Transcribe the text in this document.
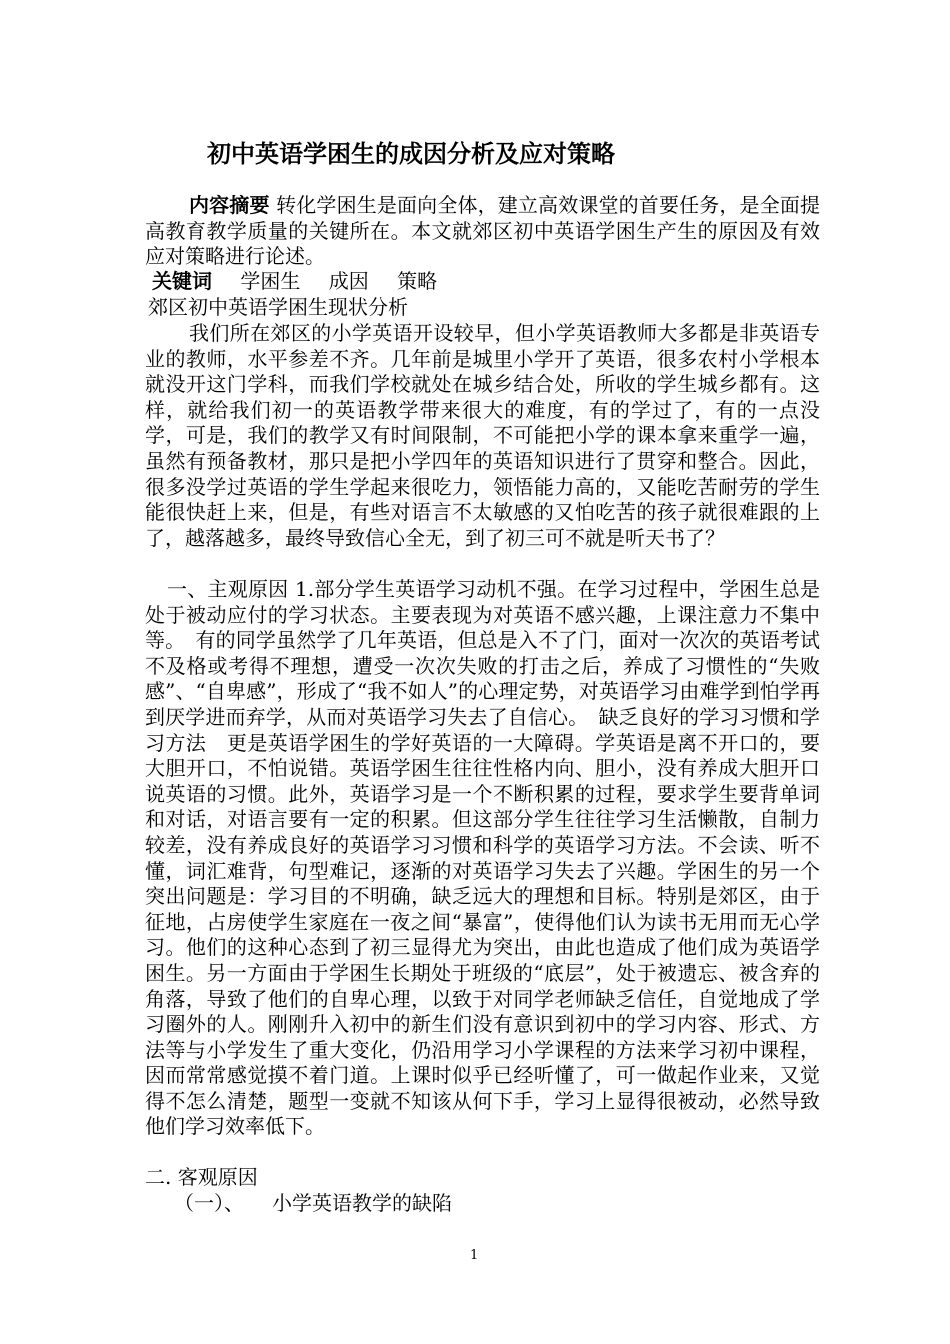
初中英语学困生的成因分析及应对策略
内容摘要 转化学困生是面向全体，建立高效课堂的首要任务，是全面提高教育教学质量的关键所在。本文就郊区初中英语学困生产生的原因及有效应对策略进行论述。
关键词 学困生 成因 策略
郊区初中英语学困生现状分析
我们所在郊区的小学英语开设较早，但小学英语教师大多都是非英语专业的教师，水平参差不齐。几年前是城里小学开了英语，很多农村小学根本就没开这门学科，而我们学校就处在城乡结合处，所收的学生城乡都有。这样，就给我们初一的英语教学带来很大的难度，有的学过了，有的一点没学，可是，我们的教学又有时间限制，不可能把小学的课本拿来重学一遍，虽然有预备教材，那只是把小学四年的英语知识进行了贯穿和整合。因此，很多没学过英语的学生学起来很吃力，领悟能力高的，又能吃苦耐劳的学生能很快赶上来，但是，有些对语言不太敏感的又怕吃苦的孩子就很难跟的上了，越落越多，最终导致信心全无，到了初三可不就是听天书了？
一、主观原因 1.部分学生英语学习动机不强。在学习过程中，学困生总是处于被动应付的学习状态。主要表现为对英语不感兴趣，上课注意力不集中等。　有的同学虽然学了几年英语，但总是入不了门，面对一次次的英语考试不及格或考得不理想，遭受一次次失败的打击之后，养成了习惯性的“失败感”、“自卑感”，形成了“我不如人”的心理定势，对英语学习由难学到怕学再到厌学进而弃学，从而对英语学习失去了自信心。　缺乏良好的学习习惯和学习方法　更是英语学困生的学好英语的一大障碍。学英语是离不开口的，要大胆开口，不怕说错。英语学困生往往性格内向、胆小，没有养成大胆开口说英语的习惯。此外，英语学习是一个不断积累的过程，要求学生要背单词和对话，对语言要有一定的积累。但这部分学生往往学习生活懒散，自制力较差，没有养成良好的英语学习习惯和科学的英语学习方法。不会读、听不懂，词汇难背，句型难记，逐渐的对英语学习失去了兴趣。学困生的另一个突出问题是：学习目的不明确，缺乏远大的理想和目标。特别是郊区，由于征地，占房使学生家庭在一夜之间“暴富”，使得他们认为读书无用而无心学习。他们的这种心态到了初三显得尤为突出，由此也造成了他们成为英语学困生。另一方面由于学困生长期处于班级的“底层”，处于被遗忘、被含弃的角落，导致了他们的自卑心理，以致于对同学老师缺乏信任，自觉地成了学习圈外的人。刚刚升入初中的新生们没有意识到初中的学习内容、形式、方法等与小学发生了重大变化，仍沿用学习小学课程的方法来学习初中课程，因而常常感觉摸不着门道。上课时似乎已经听懂了，可一做起作业来，又觉得不怎么清楚，题型一变就不知该从何下手，学习上显得很被动，必然导致他们学习效率低下。
二. 客观原因
（一）、 小学英语教学的缺陷
1
